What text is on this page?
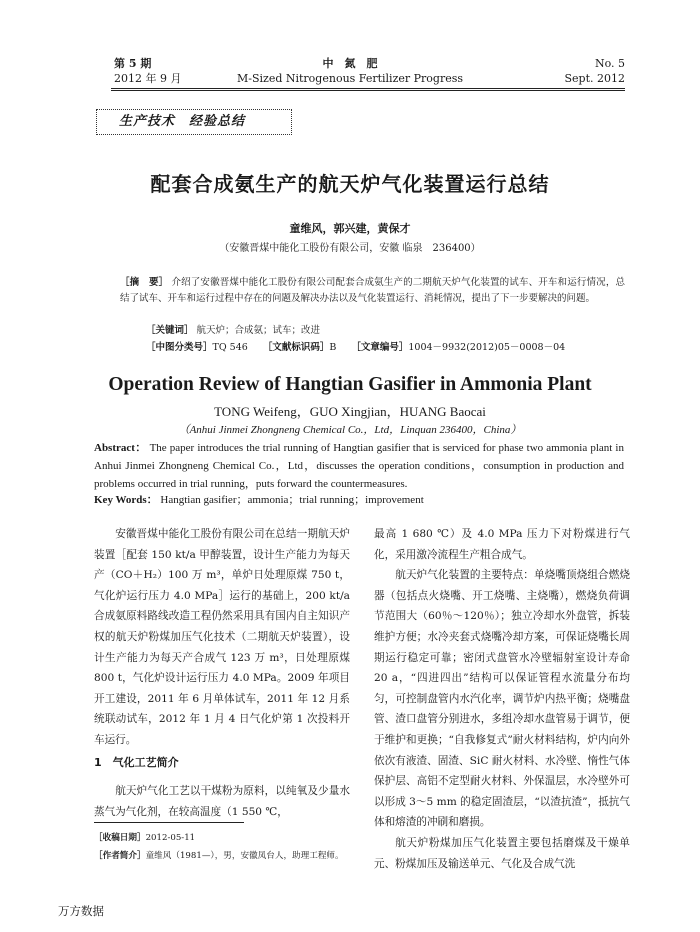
第 5 期
2012 年 9 月
中　氮　肥
M-Sized Nitrogenous Fertilizer Progress
No. 5
Sept. 2012
生产技术　经验总结
配套合成氨生产的航天炉气化装置运行总结
童维风，郭兴建，黄保才
（安徽晋煤中能化工股份有限公司，安徽 临泉　236400）
［摘　要］ 介绍了安徽晋煤中能化工股份有限公司配套合成氨生产的二期航天炉气化装置的试车、开车和运行情况，总结了试车、开车和运行过程中存在的问题及解决办法以及气化装置运行、消耗情况，提出了下一步要解决的问题。
［关键词］ 航天炉；合成氨；试车；改进
［中图分类号］TQ 546 ［文献标识码］B ［文章编号］1004－9932(2012)05－0008－04
Operation Review of Hangtian Gasifier in Ammonia Plant
TONG Weifeng，GUO Xingjian，HUANG Baocai
（Anhui Jinmei Zhongneng Chemical Co.，Ltd，Linquan 236400，China）
Abstract： The paper introduces the trial running of Hangtian gasifier that is serviced for phase two ammonia plant in Anhui Jinmei Zhongneng Chemical Co.，Ltd，discusses the operation conditions，consumption in production and problems occurred in trial running，puts forward the countermeasures.
Key Words： Hangtian gasifier；ammonia；trial running；improvement

安徽晋煤中能化工股份有限公司在总结一期航天炉装置［配套 150 kt/a 甲醇装置，设计生产能力为每天产（CO＋H₂）100 万 m³，单炉日处理原煤 750 t，气化炉运行压力 4.0 MPa］运行的基础上，200 kt/a 合成氨原料路线改造工程仍然采用具有国内自主知识产权的航天炉粉煤加压气化技术（二期航天炉装置），设计生产能力为每天产合成气 123 万 m³，日处理原煤 800 t，气化炉设计运行压力 4.0 MPa。2009 年项目开工建设，2011 年 6 月单体试车，2011 年 12 月系统联动试车，2012 年 1 月 4 日气化炉第 1 次投料开车运行。

1　气化工艺简介

航天炉气化工艺以干煤粉为原料，以纯氧及少量水蒸气为气化剂，在较高温度（1 550 ℃，

最高 1 680 ℃）及 4.0 MPa 压力下对粉煤进行气化，采用激冷流程生产粗合成气。

航天炉气化装置的主要特点：单烧嘴顶烧组合燃烧器（包括点火烧嘴、开工烧嘴、主烧嘴），燃烧负荷调节范围大（60％～120％）；独立冷却水外盘管，拆装维护方便；水冷夹套式烧嘴冷却方案，可保证烧嘴长周期运行稳定可靠；密闭式盘管水冷壁辐射室设计寿命 20 a，“四进四出”结构可以保证管程水流量分布均匀，可控制盘管内水汽化率，调节炉内热平衡；烧嘴盘管、渣口盘管分别进水，多组冷却水盘管易于调节，便于维护和更换；“自我修复式”耐火材料结构，炉内向外依次有液渣、固渣、SiC 耐火材料、水冷壁、惰性气体保护层、高铝不定型耐火材料、外保温层，水冷壁外可以形成 3～5 mm 的稳定固渣层，“以渣抗渣”，抵抗气体和熔渣的冲刷和磨损。

航天炉粉煤加压气化装置主要包括磨煤及干燥单元、粉煤加压及输送单元、气化及合成气洗

［收稿日期］2012-05-11
［作者简介］童维风（1981—），男，安徽凤台人，助理工程师。
万方数据
